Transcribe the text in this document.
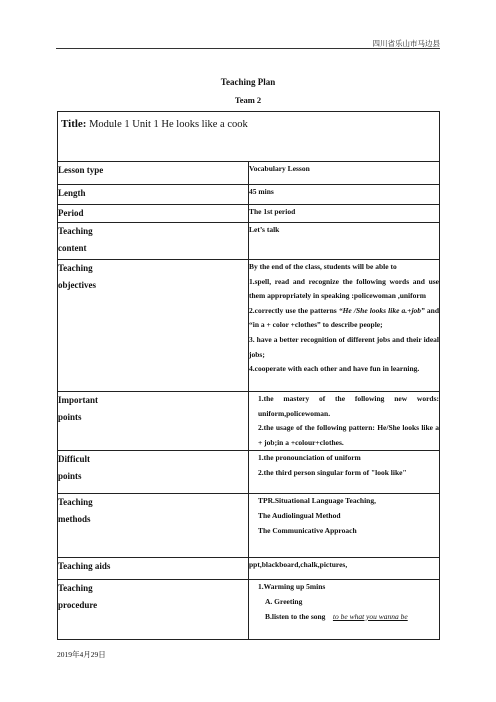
四川省乐山市马边县
Teaching Plan
Team 2
Title: Module 1 Unit 1 He looks like a cook	
Lesson type	Vocabulary Lesson
Length	45 mins
Period	The 1st period

Teaching
content	Let’s talk

Teaching
objectives	By the end of the class, students will be able to
1.spell, read and recognize the following words and use them appropriately in speaking :policewoman ,uniform
2.correctly use the patterns “He /She looks like a.+job” and “in a + color +clothes” to describe people;
3. have a better recognition of different jobs and their ideal jobs;
4.cooperate with each other and have fun in learning.

Important
points	1.the mastery of the following new words: uniform,policewoman.
2.the usage of the following pattern: He/She looks like a + job;in a +colour+clothes.

Difficult
points	1.the pronounciation of uniform
2.the third person singular form of "look like"

Teaching
methods	TPR.Situational Language Teaching,
The Audiolingual Method
The Communicative Approach

Teaching aids	ppt,blackboard,chalk,pictures,

Teaching
procedure	1.Warming up 5mins
A. Greeting
B.listen to the song to be what you wanna be
2019年4月29日
